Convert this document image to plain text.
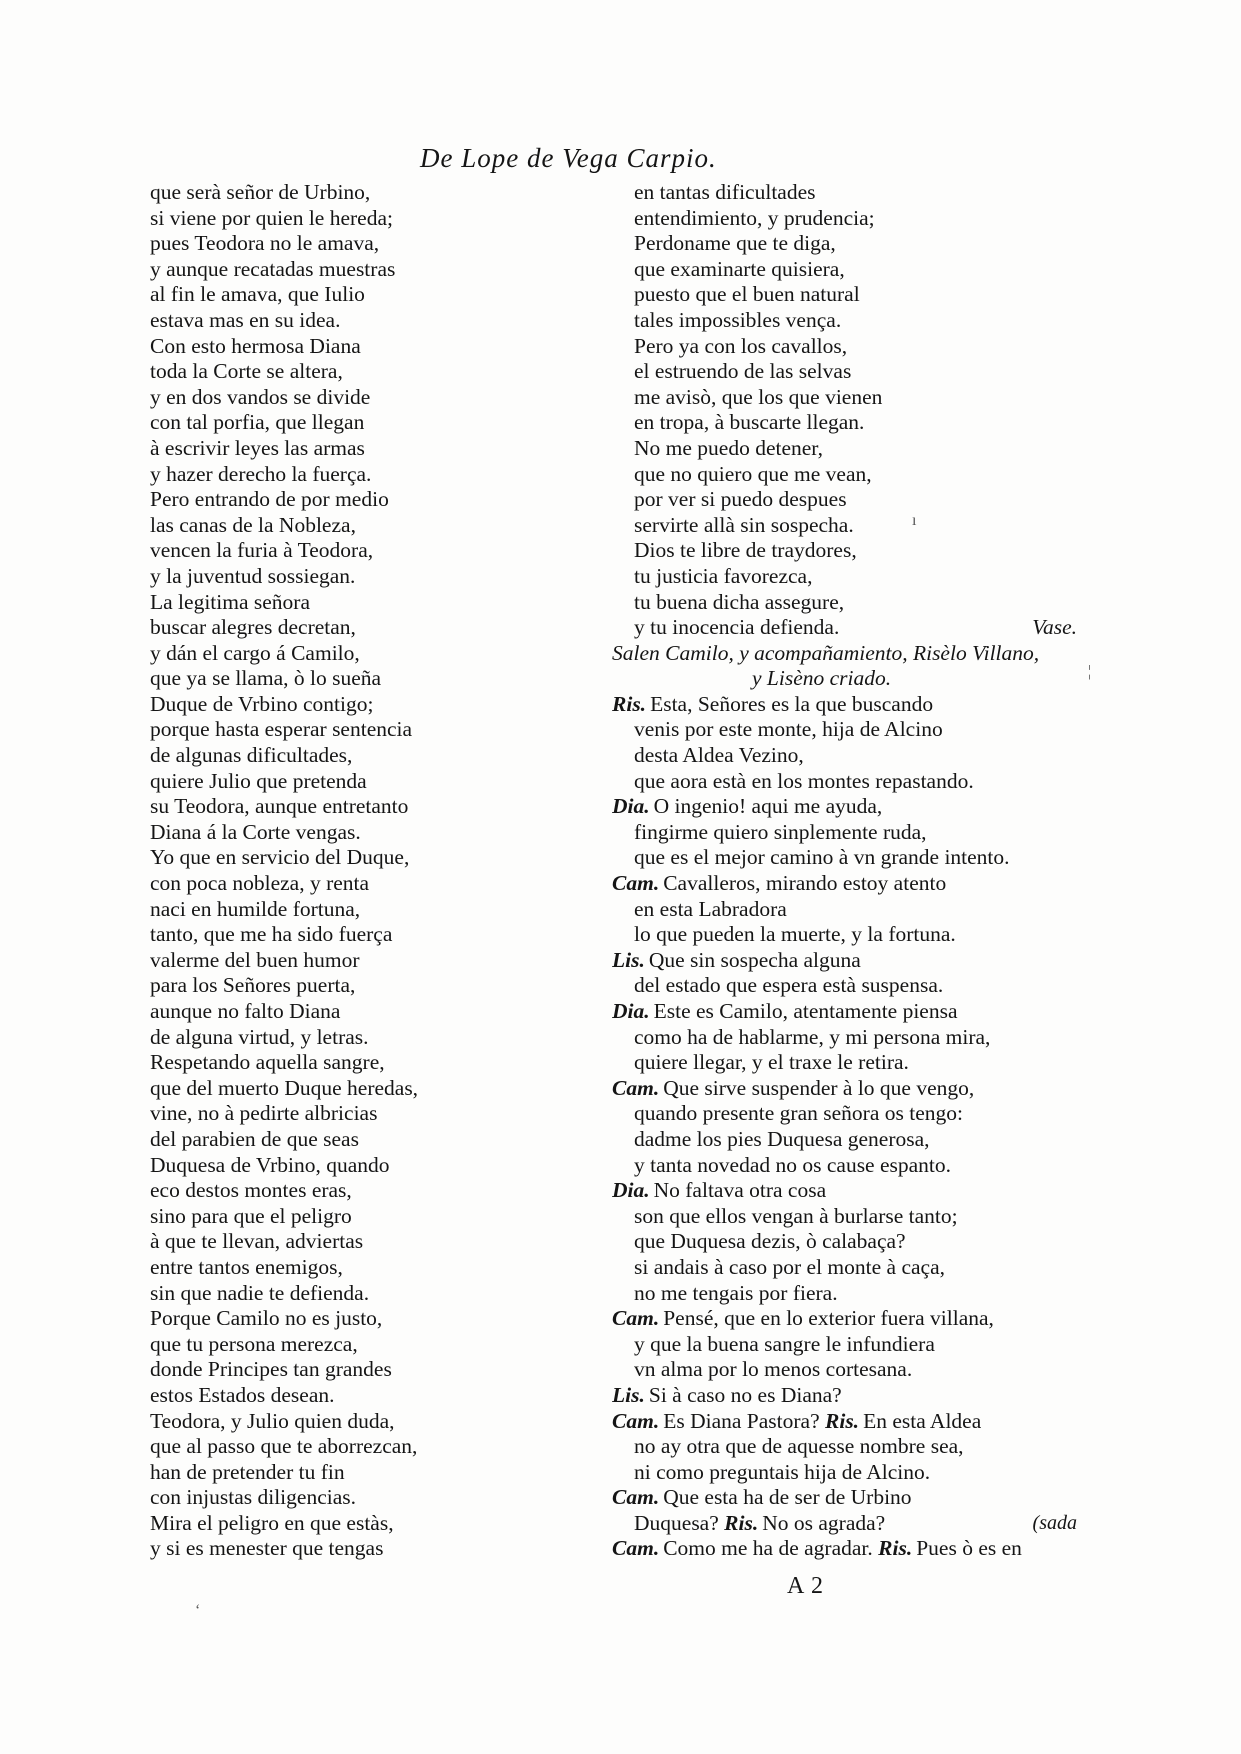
De Lope de Vega Carpio.
que serà señor de Urbino,
si viene por quien le hereda;
pues Teodora no le amava,
y aunque recatadas muestras
al fin le amava, que Iulio
estava mas en su idea.
Con esto hermosa Diana
toda la Corte se altera,
y en dos vandos se divide
con tal porfia, que llegan
à escrivir leyes las armas
y hazer derecho la fuerça.
Pero entrando de por medio
las canas de la Nobleza,
vencen la furia à Teodora,
y la juventud sossiegan.
La legitima señora
buscar alegres decretan,
y dán el cargo á Camilo,
que ya se llama, ò lo sueña
Duque de Vrbino contigo;
porque hasta esperar sentencia
de algunas dificultades,
quiere Julio que pretenda
su Teodora, aunque entretanto
Diana á la Corte vengas.
Yo que en servicio del Duque,
con poca nobleza, y renta
naci en humilde fortuna,
tanto, que me ha sido fuerça
valerme del buen humor
para los Señores puerta,
aunque no falto Diana
de alguna virtud, y letras.
Respetando aquella sangre,
que del muerto Duque heredas,
vine, no à pedirte albricias
del parabien de que seas
Duquesa de Vrbino, quando
eco destos montes eras,
sino para que el peligro
à que te llevan, adviertas
entre tantos enemigos,
sin que nadie te defienda.
Porque Camilo no es justo,
que tu persona merezca,
donde Principes tan grandes
estos Estados desean.
Teodora, y Julio quien duda,
que al passo que te aborrezcan,
han de pretender tu fin
con injustas diligencias.
Mira el peligro en que estàs,
y si es menester que tengas
en tantas dificultades
entendimiento, y prudencia;
Perdoname que te diga,
que examinarte quisiera,
puesto que el buen natural
tales impossibles vença.
Pero ya con los cavallos,
el estruendo de las selvas
me avisò, que los que vienen
en tropa, à buscarte llegan.
No me puedo detener,
que no quiero que me vean,
por ver si puedo despues
servirte allà sin sospecha.
Dios te libre de traydores,
tu justicia favorezca,
tu buena dicha assegure,
y tu inocencia defienda.	Vase.
Salen Camilo, y acompañamiento, Risèlo Villano,
y Lisèno criado.
Ris. Esta, Señores es la que buscando
venis por este monte, hija de Alcino
desta Aldea Vezino,
que aora està en los montes repastando.
Dia. O ingenio! aqui me ayuda,
fingirme quiero sinplemente ruda,
que es el mejor camino à vn grande intento.
Cam. Cavalleros, mirando estoy atento
en esta Labradora
lo que pueden la muerte, y la fortuna.
Lis. Que sin sospecha alguna
del estado que espera està suspensa.
Dia. Este es Camilo, atentamente piensa
como ha de hablarme, y mi persona mira,
quiere llegar, y el traxe le retira.
Cam. Que sirve suspender à lo que vengo,
quando presente gran señora os tengo:
dadme los pies Duquesa generosa,
y tanta novedad no os cause espanto.
Dia. No faltava otra cosa
son que ellos vengan à burlarse tanto;
que Duquesa dezis, ò calabaça?
si andais à caso por el monte à caça,
no me tengais por fiera.
Cam. Pensé, que en lo exterior fuera villana,
y que la buena sangre le infundiera
vn alma por lo menos cortesana.
Lis. Si à caso no es Diana?
Cam. Es Diana Pastora? Ris. En esta Aldea
no ay otra que de aquesse nombre sea,
ni como preguntais hija de Alcino.
Cam. Que esta ha de ser de Urbino
Duquesa? Ris. No os agrada?	(sada
Cam. Como me ha de agradar. Ris. Pues ò es en
A 2
‘
¦
ı
